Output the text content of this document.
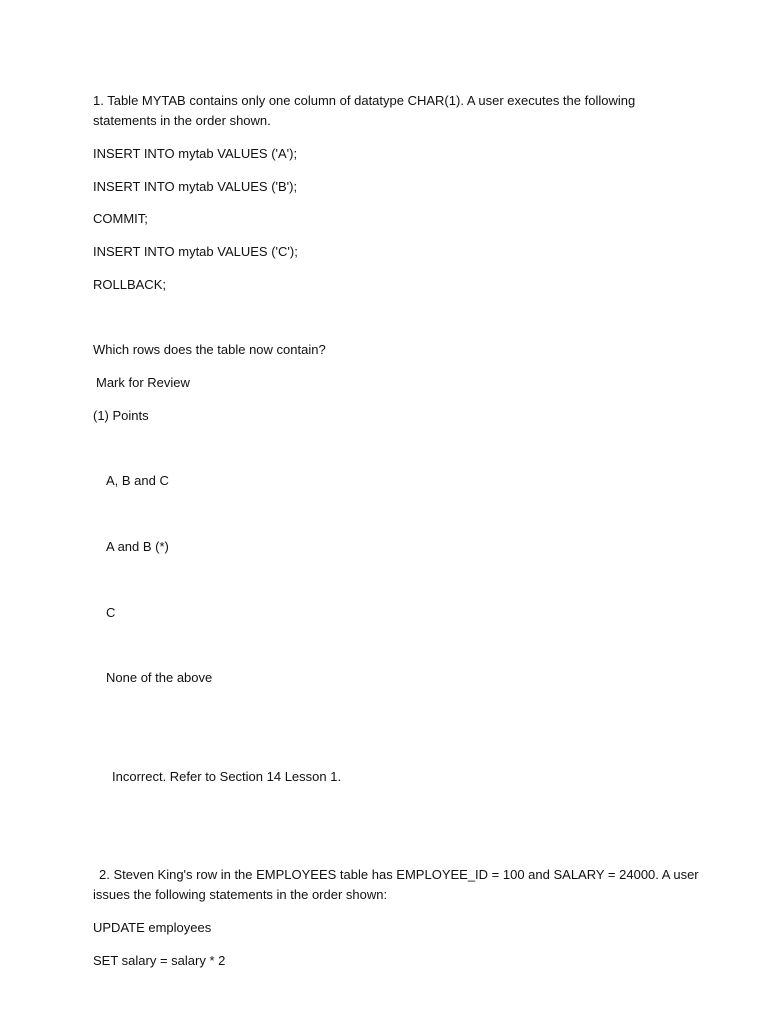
1. Table MYTAB contains only one column of datatype CHAR(1). A user executes the following
statements in the order shown.
INSERT INTO mytab VALUES ('A');
INSERT INTO mytab VALUES ('B');
COMMIT;
INSERT INTO mytab VALUES ('C');
ROLLBACK;
Which rows does the table now contain?
Mark for Review
(1) Points
A, B and C
A and B (*)
C
None of the above
Incorrect. Refer to Section 14 Lesson 1.
2. Steven King's row in the EMPLOYEES table has EMPLOYEE_ID = 100 and SALARY = 24000. A user
issues the following statements in the order shown:
UPDATE employees
SET salary = salary * 2
